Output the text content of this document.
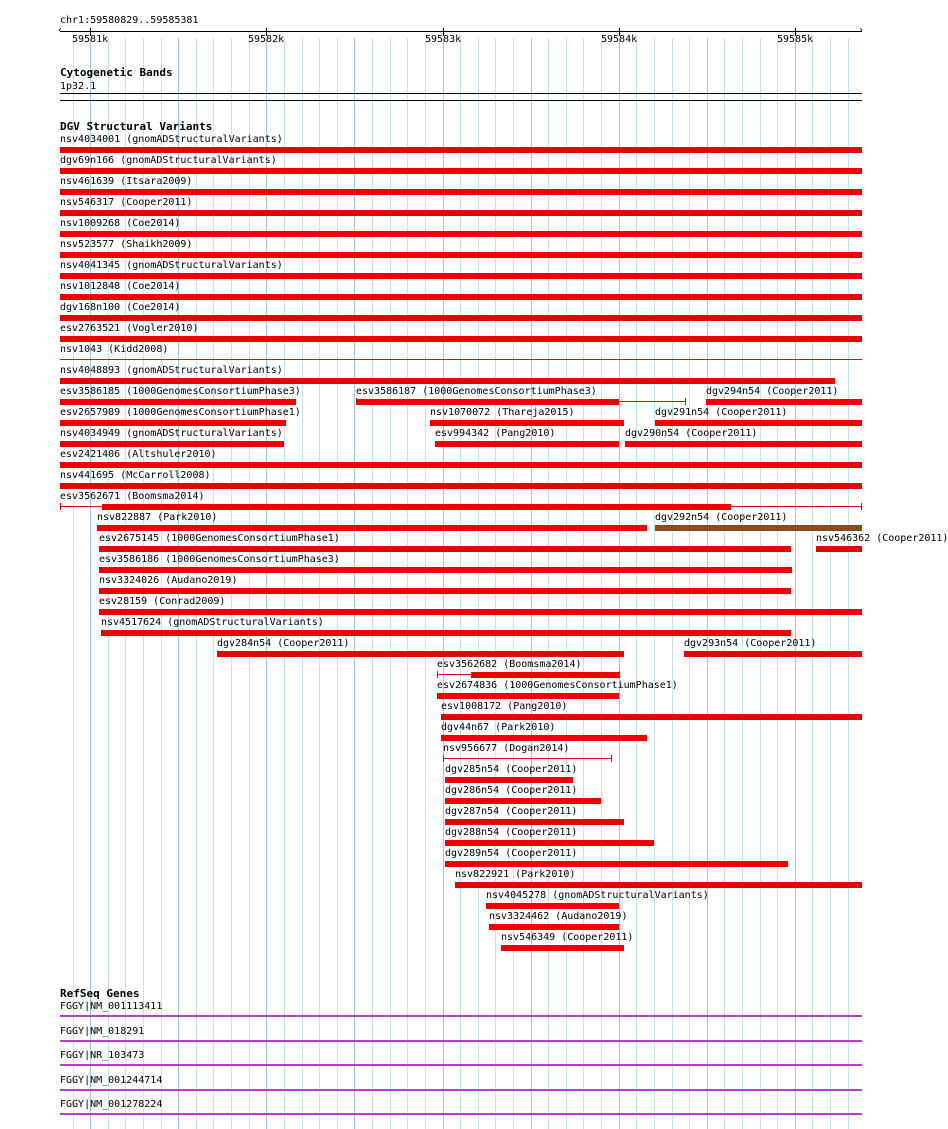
chr1:59580829..59585381
59581k	59582k	59583k	59584k	59585k
‹	›
Cytogenetic Bands
1p32.1
DGV Structural Variants
nsv4034001 (gnomADStructuralVariants)
dgv69n166 (gnomADStructuralVariants)
nsv461639 (Itsara2009)
nsv546317 (Cooper2011)
nsv1009268 (Coe2014)
nsv523577 (Shaikh2009)
nsv4041345 (gnomADStructuralVariants)
nsv1012848 (Coe2014)
dgv168n100 (Coe2014)
esv2763521 (Vogler2010)
nsv1043 (Kidd2008)
nsv4048893 (gnomADStructuralVariants)
esv3586185 (1000GenomesConsortiumPhase3)	esv3586187 (1000GenomesConsortiumPhase3)	dgv294n54 (Cooper2011)
esv2657989 (1000GenomesConsortiumPhase1)	nsv1070072 (Thareja2015)	dgv291n54 (Cooper2011)
nsv4034949 (gnomADStructuralVariants)	esv994342 (Pang2010)	dgv290n54 (Cooper2011)
esv2421406 (Altshuler2010)
nsv441695 (McCarroll2008)
esv3562671 (Boomsma2014)
nsv822887 (Park2010)	dgv292n54 (Cooper2011)
esv2675145 (1000GenomesConsortiumPhase1)	nsv546362 (Cooper2011)
esv3586186 (1000GenomesConsortiumPhase3)
nsv3324026 (Audano2019)
esv28159 (Conrad2009)
nsv4517624 (gnomADStructuralVariants)
dgv284n54 (Cooper2011)	dgv293n54 (Cooper2011)
esv3562682 (Boomsma2014)
esv2674836 (1000GenomesConsortiumPhase1)
esv1008172 (Pang2010)
dgv44n67 (Park2010)
nsv956677 (Dogan2014)
dgv285n54 (Cooper2011)
dgv286n54 (Cooper2011)
dgv287n54 (Cooper2011)
dgv288n54 (Cooper2011)
dgv289n54 (Cooper2011)
nsv822921 (Park2010)
nsv4045278 (gnomADStructuralVariants)
nsv3324462 (Audano2019)
nsv546349 (Cooper2011)
RefSeq Genes
FGGY|NM_001113411
FGGY|NM_018291
FGGY|NR_103473
FGGY|NM_001244714
FGGY|NM_001278224
